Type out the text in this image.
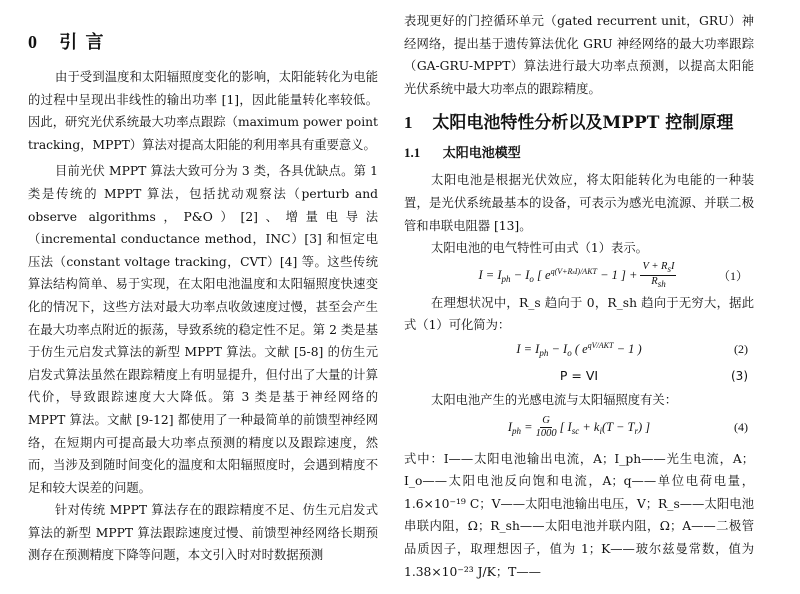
0 引 言

由于受到温度和太阳辐照度变化的影响，太阳能转化为电能的过程中呈现出非线性的输出功率 [1]，因此能量转化率较低。因此，研究光伏系统最大功率点跟踪（maximum power point tracking，MPPT）算法对提高太阳能的利用率具有重要意义。

目前光伏 MPPT 算法大致可分为 3 类，各具优缺点。第 1 类是传统的 MPPT 算法，包括扰动观察法（perturb and observe algorithms，P&O）[2]、增量电导法（incremental conductance method，INC）[3] 和恒定电压法（constant voltage tracking，CVT）[4] 等。这些传统算法结构简单、易于实现，在太阳电池温度和太阳辐照度快速变化的情况下，这些方法对最大功率点收敛速度过慢，甚至会产生在最大功率点附近的振荡，导致系统的稳定性不足。第 2 类是基于仿生元启发式算法的新型 MPPT 算法。文献 [5-8] 的仿生元启发式算法虽然在跟踪精度上有明显提升，但付出了大量的计算代价，导致跟踪速度大大降低。第 3 类是基于神经网络的 MPPT 算法。文献 [9-12] 都使用了一种最简单的前馈型神经网络，在短期内可提高最大功率点预测的精度以及跟踪速度，然而，当涉及到随时间变化的温度和太阳辐照度时，会遇到精度不足和较大误差的问题。

针对传统 MPPT 算法存在的跟踪精度不足、仿生元启发式算法的新型 MPPT 算法跟踪速度过慢、前馈型神经网络长期预测存在预测精度下降等问题，本文引入时对时数据预测

表现更好的门控循环单元（gated recurrent unit，GRU）神经网络，提出基于遗传算法优化 GRU 神经网络的最大功率跟踪（GA-GRU-MPPT）算法进行最大功率点预测，以提高太阳能光伏系统中最大功率点的跟踪精度。

1 太阳电池特性分析以及MPPT 控制原理
1.1 太阳电池模型

太阳电池是根据光伏效应，将太阳能转化为电能的一种装置，是光伏系统最基本的设备，可表示为感光电流源、并联二极管和串联电阻器 [13]。

太阳电池的电气特性可由式（1）表示。

$I = I_{ph} - I_o$ [ $e^{q(V+RsI)/AKT} - 1$ ] + $\frac{\text{V + RsI}}{\text{Rsh}}$	（1）

在理想状况中，R_s 趋向于 0，R_sh 趋向于无穷大，据此式（1）可化简为：

$I = I_{ph} - I_o$ ( $e^{qV/AKT} - 1$ )	(2)
P = VI	(3)

太阳电池产生的光感电流与太阳辐照度有关：

$I_{ph} = \frac{G}{1000}$ [ $I_{sc} + k_i(T - T_r)$ ]	(4)

式中：I——太阳电池输出电流，A；I_ph——光生电流，A；I_o——太阳电池反向饱和电流，A；q——单位电荷电量，1.6×10⁻¹⁹ C；V——太阳电池输出电压，V；R_s——太阳电池串联内阻，Ω；R_sh——太阳电池并联内阻，Ω；A——二极管品质因子，取理想因子，值为 1；K——玻尔兹曼常数，值为 1.38×10⁻²³ J/K；T——
